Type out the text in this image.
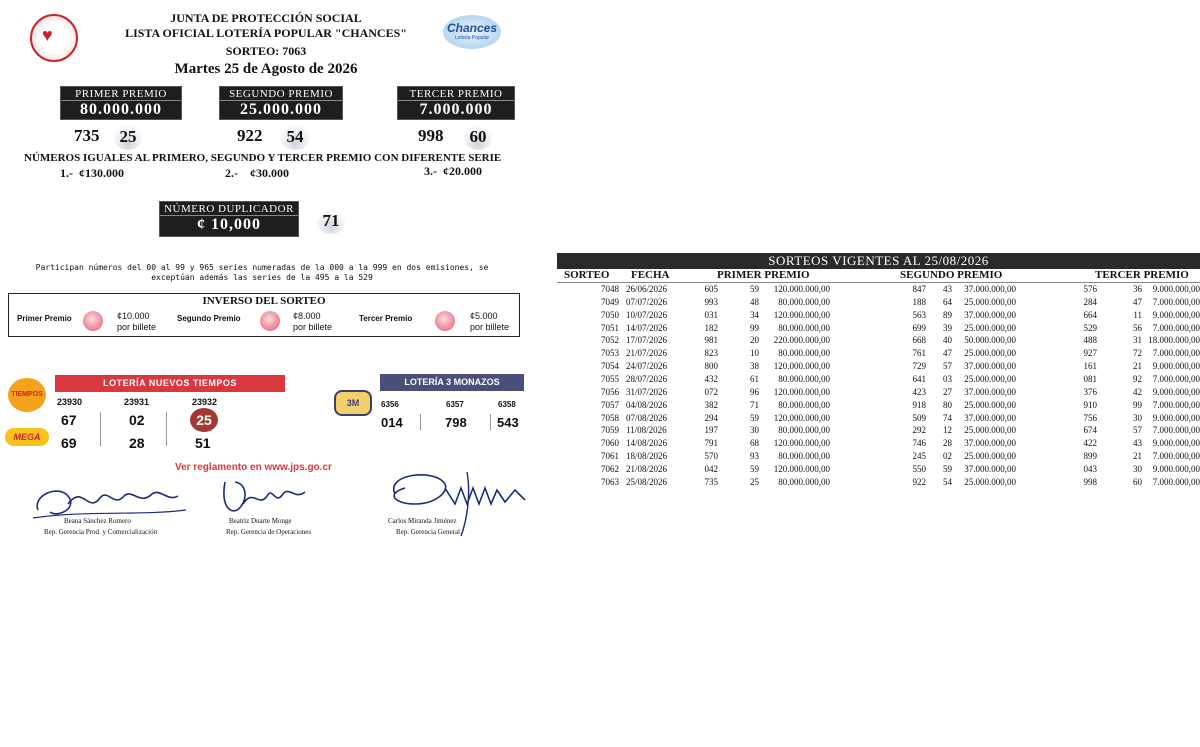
♥
JUNTA DE PROTECCIÓN SOCIAL
LISTA OFICIAL LOTERÍA POPULAR "CHANCES"
SORTEO: 7063
Martes 25 de Agosto de 2026
Chances
Lotería Popular
PRIMER PREMIO
80.000.000
SEGUNDO PREMIO
25.000.000
TERCER PREMIO
7.000.000
735	25	922	54	998	60
NÚMEROS IGUALES AL PRIMERO, SEGUNDO Y TERCER PREMIO CON DIFERENTE SERIE
1.- ¢130.000	2.- ¢30.000	3.- ¢20.000
NÚMERO DUPLICADOR
¢ 10,000	71
Participan números del 00 al 99 y 965 series numeradas de la 000 a la 999 en dos emisiones, se exceptúan además las series de la 495 a la 529
INVERSO DEL SORTEO
Primer Premio	¢10.000
por billete
Segundo Premio	¢8.000
por billete
Tercer Premio	¢5.000
por billete
TIEMPOS
MEGA
LOTERÍA NUEVOS TIEMPOS
23930	23931	23932
67	02	25
69	28	51
3M
LOTERÍA 3 MONAZOS
6356	6357	6358
014	798 543
Ver reglamento en www.jps.go.cr
Beana Sánchez Romero
Rep. Gerencia Prod. y Comercialización
Beatriz Duarte Monge
Rep. Gerencia de Operaciones
Carlos Miranda Jiménez
Rep. Gerencia General
SORTEOS VIGENTES AL 25/08/2026
SORTEO FECHA	PRIMER PREMIO	SEGUNDO PREMIO	TERCER PREMIO
7048 26/06/2026	605	59	120.000.000,00	847	43	37.000.000,00	576	36	9.000.000,00
7049 07/07/2026	993	48	80.000.000,00	188	64	25.000.000,00	284	47	7.000.000,00
7050 10/07/2026	031	34	120.000.000,00	563	89	37.000.000,00	664	11	9.000.000,00
7051 14/07/2026	182	99	80.000.000,00	699	39	25.000.000,00	529	56	7.000.000,00
7052 17/07/2026	981	20	220.000.000,00	668	40	50.000.000,00	488	31 18.000.000,00
7053 21/07/2026	823	10	80.000.000,00	761	47	25.000.000,00	927	72	7.000.000,00
7054 24/07/2026	800	38	120.000.000,00	729	57	37.000.000,00	161	21	9.000.000,00
7055 28/07/2026	432	61	80.000.000,00	641	03	25.000.000,00	081	92	7.000.000,00
7056 31/07/2026	072	96	120.000.000,00	423	27	37.000.000,00	376	42	9.000.000,00
7057 04/08/2026	382	71	80.000.000,00	918	80	25.000.000,00	910	99	7.000.000,00
7058 07/08/2026	294	59	120.000.000,00	509	74	37.000.000,00	756	30	9.000.000,00
7059 11/08/2026	197	30	80.000.000,00	292	12	25.000.000,00	674	57	7.000.000,00
7060 14/08/2026	791	68	120.000.000,00	746	28	37.000.000,00	422	43	9.000.000,00
7061 18/08/2026	570	93	80.000.000,00	245	02	25.000.000,00	899	21	7.000.000,00
7062 21/08/2026	042	59	120.000.000,00	550	59	37.000.000,00	043	30	9.000.000,00
7063 25/08/2026	735	25	80.000.000,00	922	54	25.000.000,00	998	60	7.000.000,00
